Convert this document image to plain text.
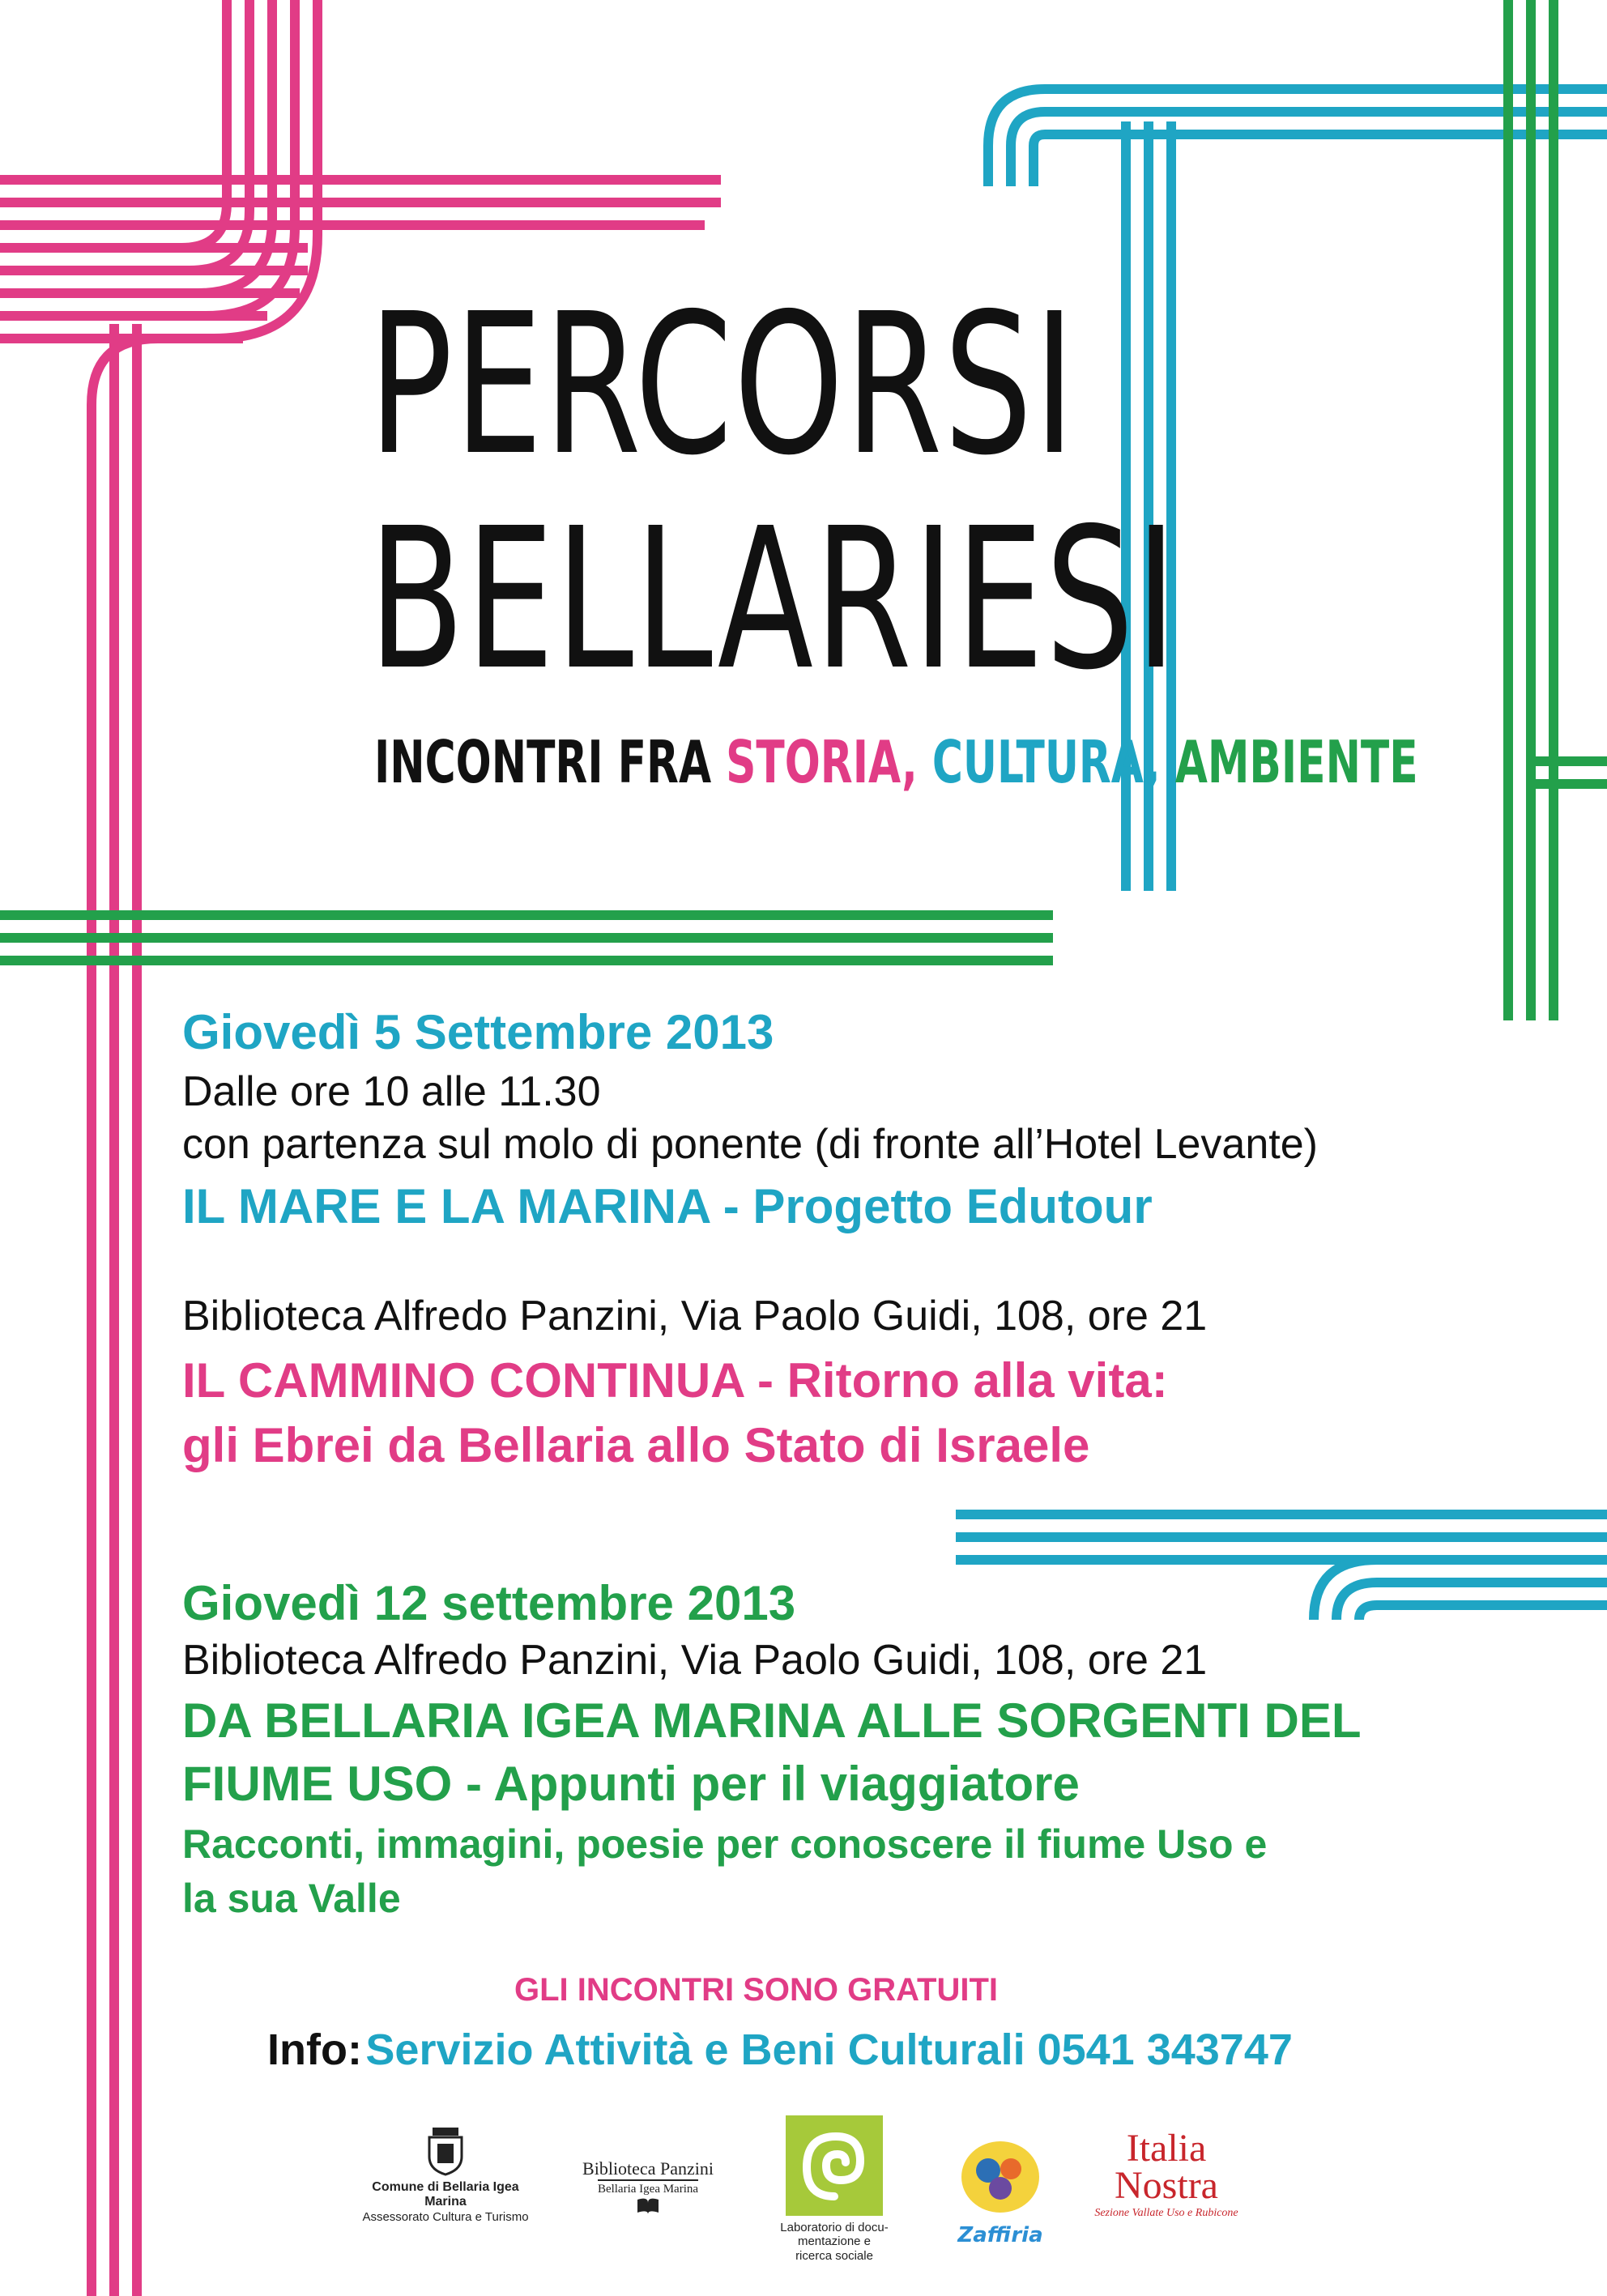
PERCORSI
BELLARIESI
INCONTRI FRA STORIA, CULTURA, AMBIENTE
Giovedì 5 Settembre 2013
Dalle ore 10 alle 11.30
con partenza sul molo di ponente (di fronte all’Hotel Levante)
IL MARE E LA MARINA - Progetto Edutour
Biblioteca Alfredo Panzini, Via Paolo Guidi, 108, ore 21
IL CAMMINO CONTINUA - Ritorno alla vita:
gli Ebrei da Bellaria allo Stato di Israele
Giovedì 12 settembre 2013
Biblioteca Alfredo Panzini, Via Paolo Guidi, 108, ore 21
DA BELLARIA IGEA MARINA ALLE SORGENTI DEL
FIUME USO - Appunti per il viaggiatore
Racconti, immagini, poesie per conoscere il fiume Uso e
la sua Valle
GLI INCONTRI SONO GRATUITI
Info: Servizio Attività e Beni Culturali 0541 343747
Comune di Bellaria Igea Marina
Assessorato Cultura e Turismo
Biblioteca Panzini
Bellaria Igea Marina
Laboratorio di docu-
mentazione e
ricerca sociale
Zaffiria
Italia
Nostra
Sezione Vallate Uso e Rubicone
